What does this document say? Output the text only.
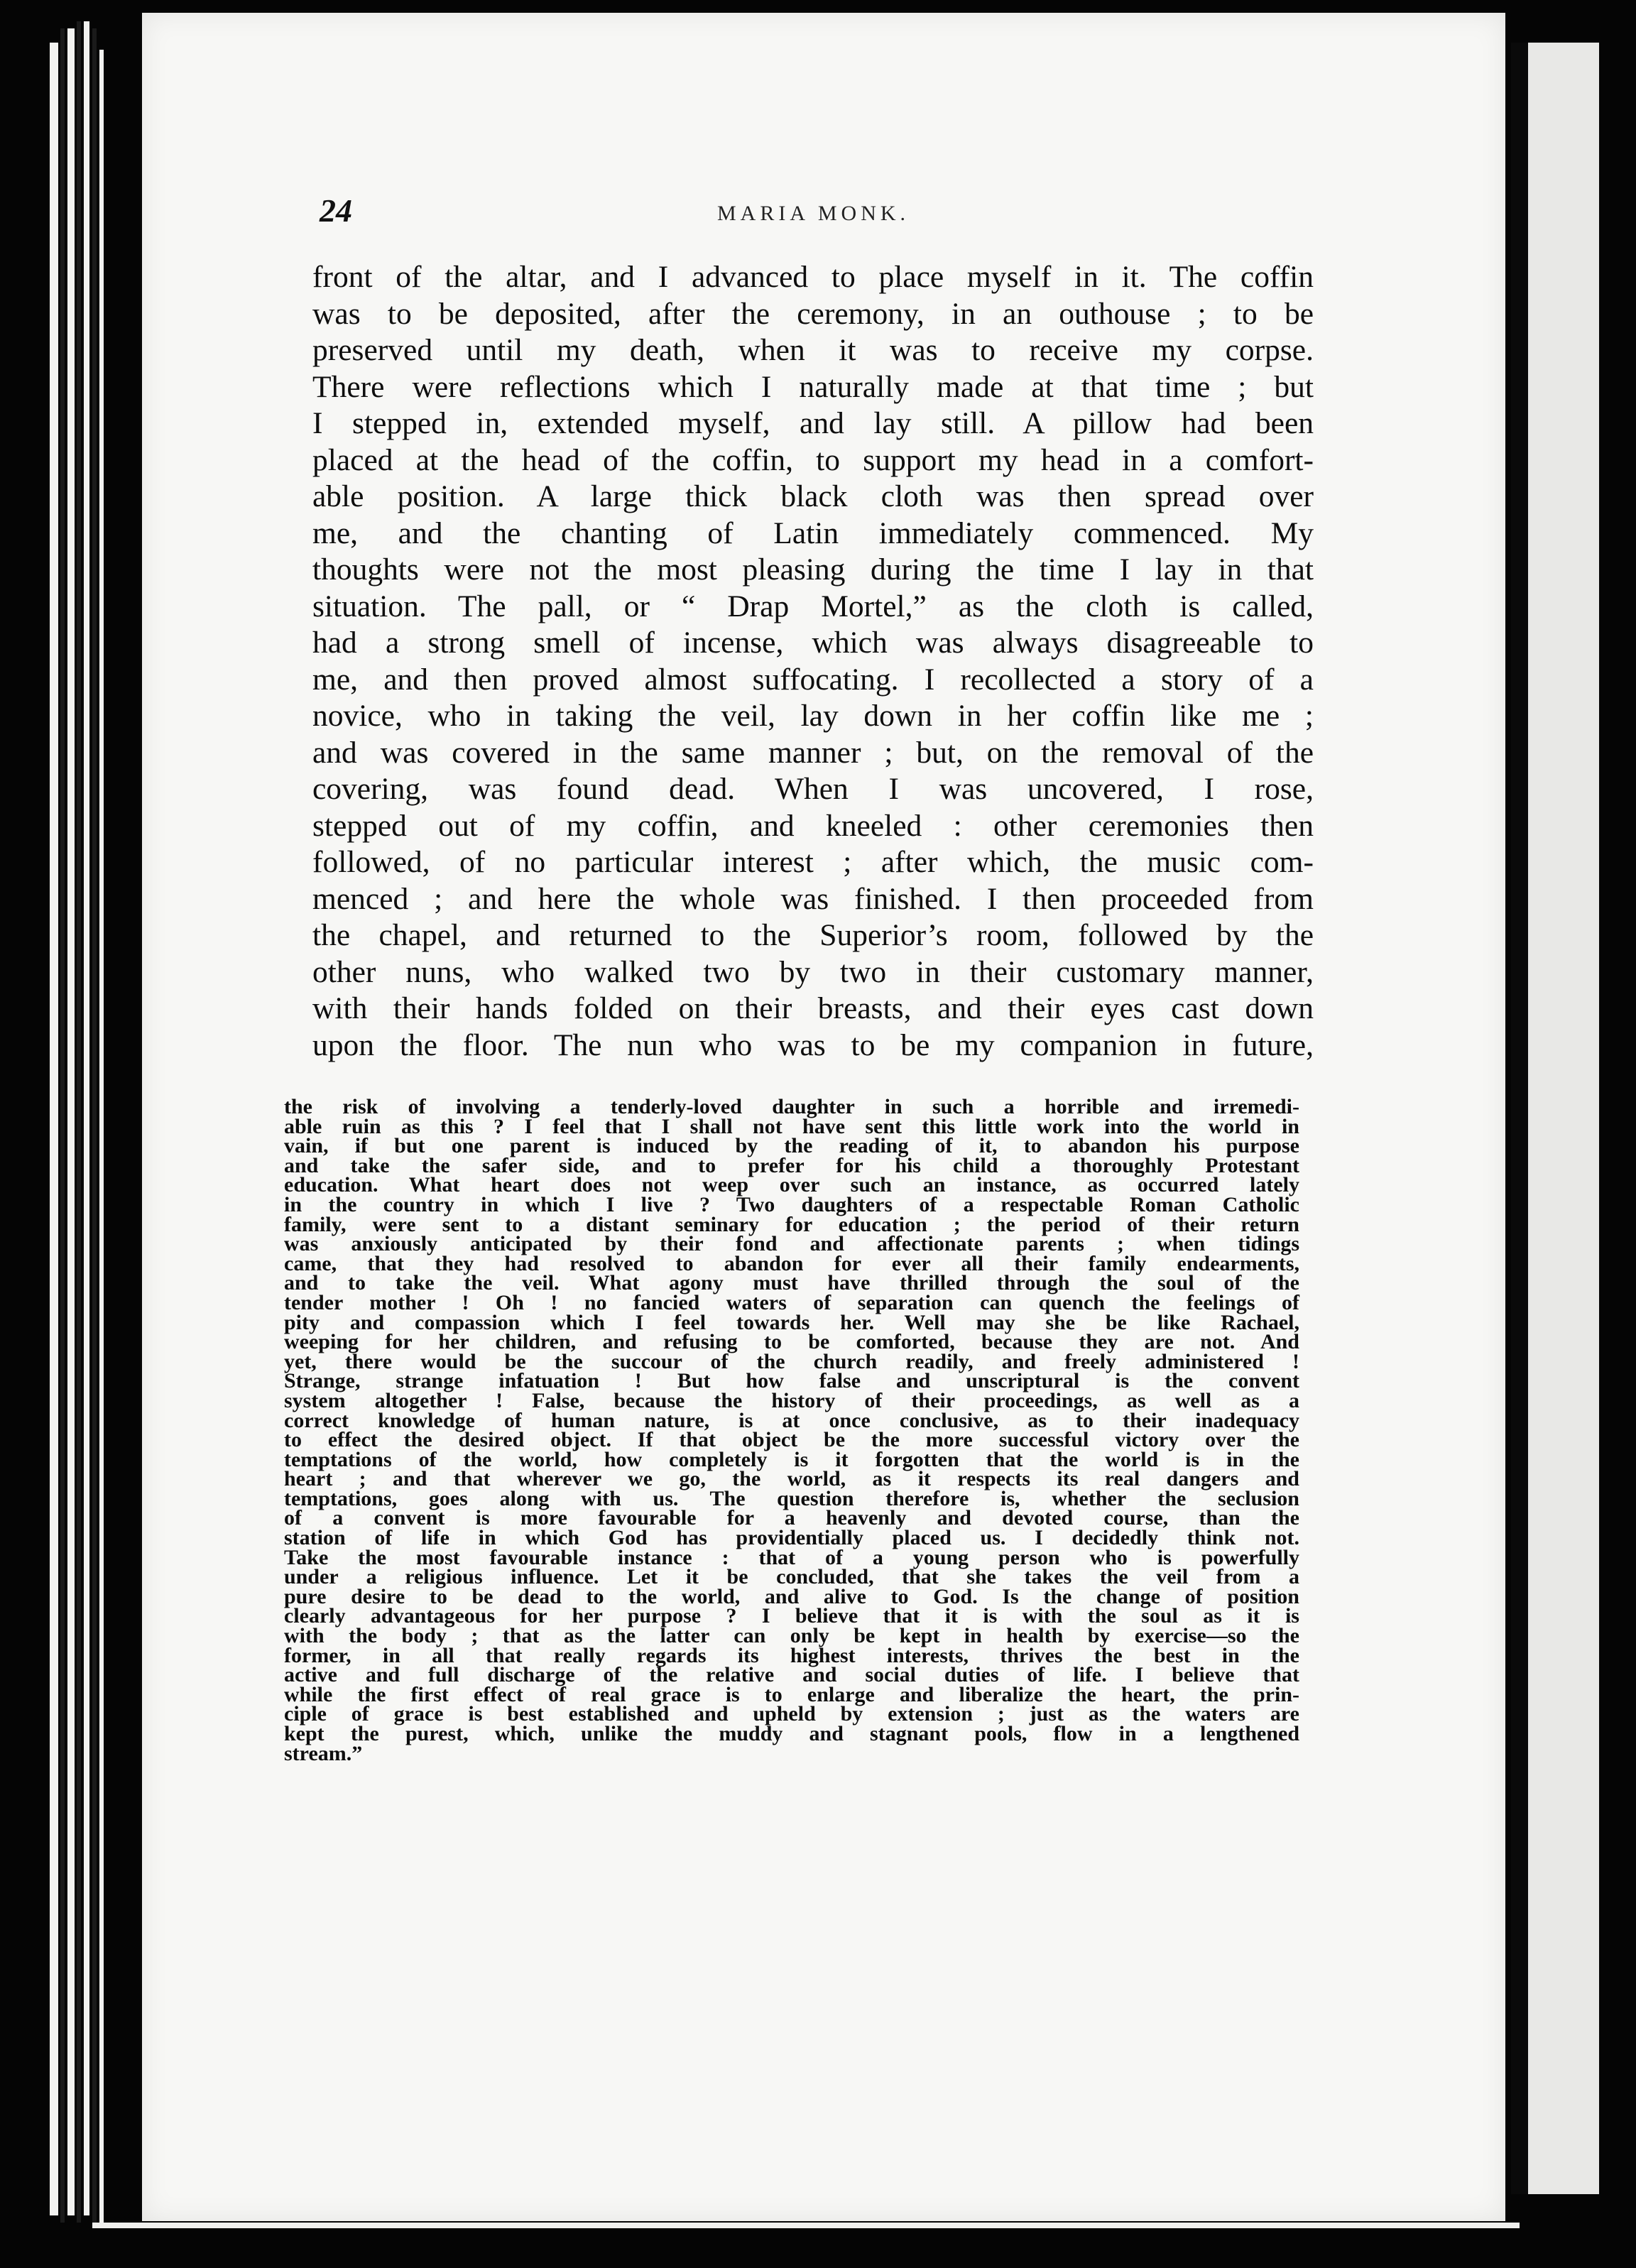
24	MARIA MONK.
front of the altar, and I advanced to place myself in it. The coffin
was to be deposited, after the ceremony, in an outhouse ; to be
preserved until my death, when it was to receive my corpse.
There were reflections which I naturally made at that time ; but
I stepped in, extended myself, and lay still. A pillow had been
placed at the head of the coffin, to support my head in a comfort-
able position. A large thick black cloth was then spread over
me, and the chanting of Latin immediately commenced. My
thoughts were not the most pleasing during the time I lay in that
situation. The pall, or “ Drap Mortel,” as the cloth is called,
had a strong smell of incense, which was always disagreeable to
me, and then proved almost suffocating. I recollected a story of a
novice, who in taking the veil, lay down in her coffin like me ;
and was covered in the same manner ; but, on the removal of the
covering, was found dead. When I was uncovered, I rose,
stepped out of my coffin, and kneeled : other ceremonies then
followed, of no particular interest ; after which, the music com-
menced ; and here the whole was finished. I then proceeded from
the chapel, and returned to the Superior’s room, followed by the
other nuns, who walked two by two in their customary manner,
with their hands folded on their breasts, and their eyes cast down
upon the floor. The nun who was to be my companion in future,
the risk of involving a tenderly-loved daughter in such a horrible and irremedi-
able ruin as this ? I feel that I shall not have sent this little work into the world in
vain, if but one parent is induced by the reading of it, to abandon his purpose
and take the safer side, and to prefer for his child a thoroughly Protestant
education. What heart does not weep over such an instance, as occurred lately
in the country in which I live ? Two daughters of a respectable Roman Catholic
family, were sent to a distant seminary for education ; the period of their return
was anxiously anticipated by their fond and affectionate parents ; when tidings
came, that they had resolved to abandon for ever all their family endearments,
and to take the veil. What agony must have thrilled through the soul of the
tender mother ! Oh ! no fancied waters of separation can quench the feelings of
pity and compassion which I feel towards her. Well may she be like Rachael,
weeping for her children, and refusing to be comforted, because they are not. And
yet, there would be the succour of the church readily, and freely administered !
Strange, strange infatuation ! But how false and unscriptural is the convent
system altogether ! False, because the history of their proceedings, as well as a
correct knowledge of human nature, is at once conclusive, as to their inadequacy
to effect the desired object. If that object be the more successful victory over the
temptations of the world, how completely is it forgotten that the world is in the
heart ; and that wherever we go, the world, as it respects its real dangers and
temptations, goes along with us. The question therefore is, whether the seclusion
of a convent is more favourable for a heavenly and devoted course, than the
station of life in which God has providentially placed us. I decidedly think not.
Take the most favourable instance : that of a young person who is powerfully
under a religious influence. Let it be concluded, that she takes the veil from a
pure desire to be dead to the world, and alive to God. Is the change of position
clearly advantageous for her purpose ? I believe that it is with the soul as it is
with the body ; that as the latter can only be kept in health by exercise—so the
former, in all that really regards its highest interests, thrives the best in the
active and full discharge of the relative and social duties of life. I believe that
while the first effect of real grace is to enlarge and liberalize the heart, the prin-
ciple of grace is best established and upheld by extension ; just as the waters are
kept the purest, which, unlike the muddy and stagnant pools, flow in a lengthened
stream.”
